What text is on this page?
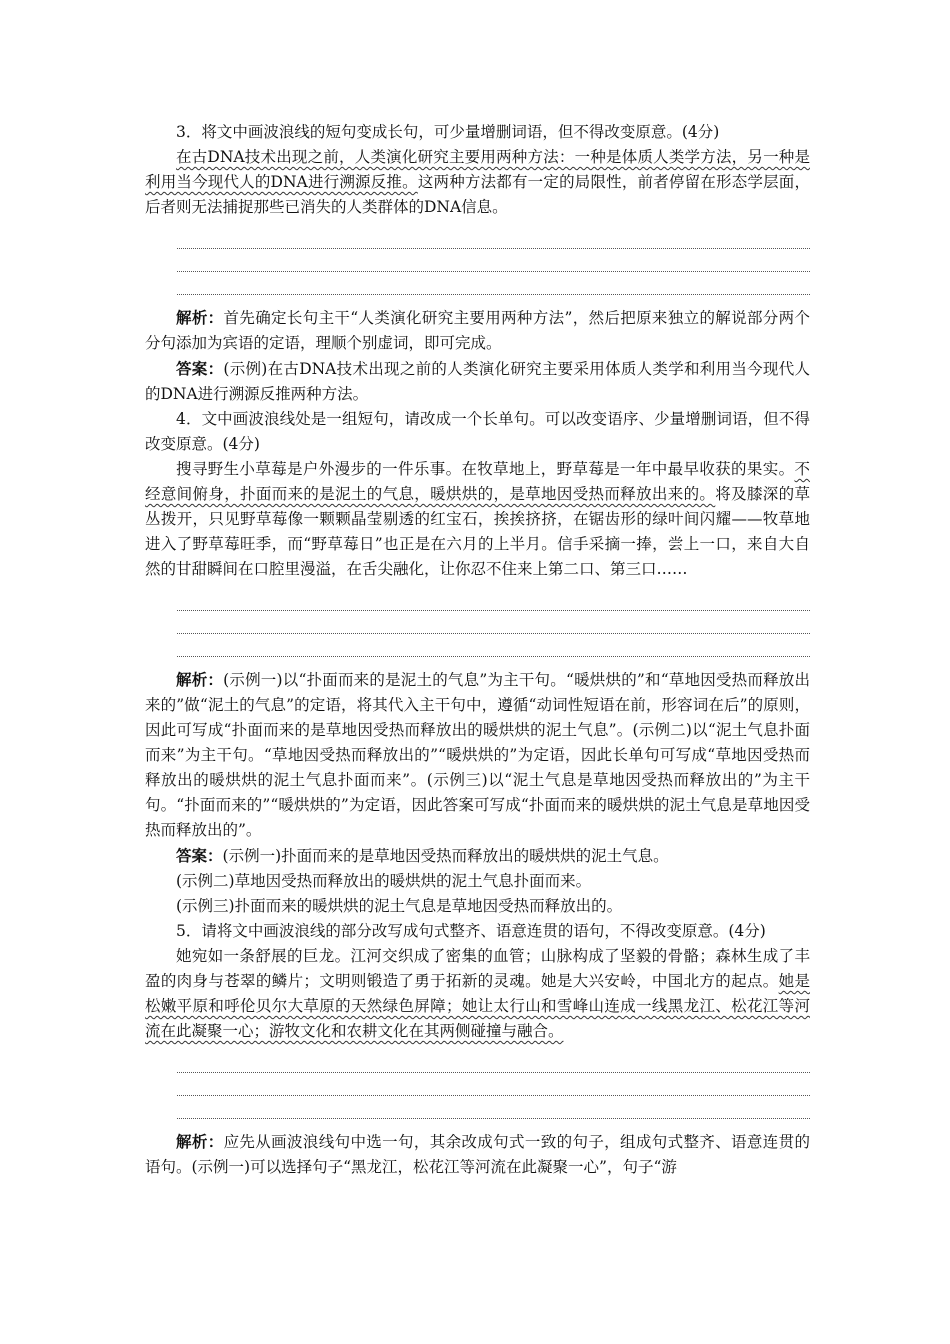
3．将文中画波浪线的短句变成长句，可少量增删词语，但不得改变原意。(4分)

在古DNA技术出现之前，人类演化研究主要用两种方法：一种是体质人类学方法，另一种是利用当今现代人的DNA进行溯源反推。这两种方法都有一定的局限性，前者停留在形态学层面，后者则无法捕捉那些已消失的人类群体的DNA信息。

解析：首先确定长句主干“人类演化研究主要用两种方法”，然后把原来独立的解说部分两个分句添加为宾语的定语，理顺个别虚词，即可完成。

答案：(示例)在古DNA技术出现之前的人类演化研究主要采用体质人类学和利用当今现代人的DNA进行溯源反推两种方法。

4．文中画波浪线处是一组短句，请改成一个长单句。可以改变语序、少量增删词语，但不得改变原意。(4分)

搜寻野生小草莓是户外漫步的一件乐事。在牧草地上，野草莓是一年中最早收获的果实。不经意间俯身，扑面而来的是泥土的气息，暖烘烘的，是草地因受热而释放出来的。将及膝深的草丛拨开，只见野草莓像一颗颗晶莹剔透的红宝石，挨挨挤挤，在锯齿形的绿叶间闪耀——牧草地进入了野草莓旺季，而“野草莓日”也正是在六月的上半月。信手采摘一捧，尝上一口，来自大自然的甘甜瞬间在口腔里漫溢，在舌尖融化，让你忍不住来上第二口、第三口……

解析：(示例一)以“扑面而来的是泥土的气息”为主干句。“暖烘烘的”和“草地因受热而释放出来的”做“泥土的气息”的定语，将其代入主干句中，遵循“动词性短语在前，形容词在后”的原则，因此可写成“扑面而来的是草地因受热而释放出的暖烘烘的泥土气息”。(示例二)以“泥土气息扑面而来”为主干句。“草地因受热而释放出的”“暖烘烘的”为定语，因此长单句可写成“草地因受热而释放出的暖烘烘的泥土气息扑面而来”。(示例三)以“泥土气息是草地因受热而释放出的”为主干句。“扑面而来的”“暖烘烘的”为定语，因此答案可写成“扑面而来的暖烘烘的泥土气息是草地因受热而释放出的”。

答案：(示例一)扑面而来的是草地因受热而释放出的暖烘烘的泥土气息。

(示例二)草地因受热而释放出的暖烘烘的泥土气息扑面而来。

(示例三)扑面而来的暖烘烘的泥土气息是草地因受热而释放出的。

5．请将文中画波浪线的部分改写成句式整齐、语意连贯的语句，不得改变原意。(4分)

她宛如一条舒展的巨龙。江河交织成了密集的血管；山脉构成了坚毅的骨骼；森林生成了丰盈的肉身与苍翠的鳞片；文明则锻造了勇于拓新的灵魂。她是大兴安岭，中国北方的起点。她是松嫩平原和呼伦贝尔大草原的天然绿色屏障；她让太行山和雪峰山连成一线黑龙江、松花江等河流在此凝聚一心；游牧文化和农耕文化在其两侧碰撞与融合。

解析：应先从画波浪线句中选一句，其余改成句式一致的句子，组成句式整齐、语意连贯的语句。(示例一)可以选择句子“黑龙江，松花江等河流在此凝聚一心”，句子“游
